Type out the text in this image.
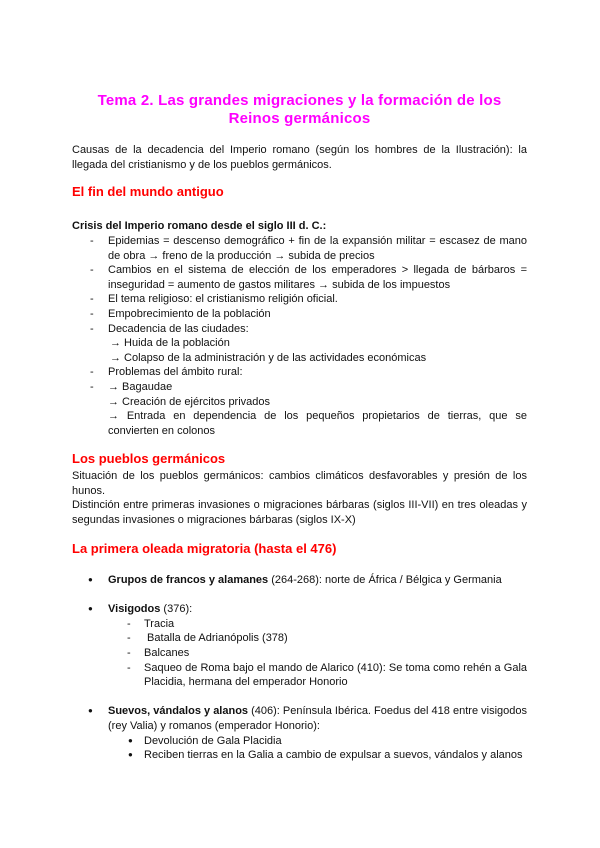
Tema 2. Las grandes migraciones y la formación de los Reinos germánicos
Causas de la decadencia del Imperio romano (según los hombres de la Ilustración): la llegada del cristianismo y de los pueblos germánicos.
El fin del mundo antiguo
Crisis del Imperio romano desde el siglo III d. C.:
- Epidemias = descenso demográfico + fin de la expansión militar = escasez de mano de obra → freno de la producción → subida de precios
- Cambios en el sistema de elección de los emperadores > llegada de bárbaros = inseguridad = aumento de gastos militares → subida de los impuestos
- El tema religioso: el cristianismo religión oficial.
- Empobrecimiento de la población
- Decadencia de las ciudades:
→ Huida de la población
→ Colapso de la administración y de las actividades económicas
- Problemas del ámbito rural:
- → Bagaudae
→ Creación de ejércitos privados
→ Entrada en dependencia de los pequeños propietarios de tierras, que se convierten en colonos
Los pueblos germánicos
Situación de los pueblos germánicos: cambios climáticos desfavorables y presión de los hunos.
Distinción entre primeras invasiones o migraciones bárbaras (siglos III-VII) en tres oleadas y segundas invasiones o migraciones bárbaras (siglos IX-X)
La primera oleada migratoria (hasta el 476)
● Grupos de francos y alamanes (264-268): norte de África / Bélgica y Germania
● Visigodos (376):
- Tracia
-  Batalla de Adrianópolis (378)
- Balcanes
- Saqueo de Roma bajo el mando de Alarico (410): Se toma como rehén a Gala Placidia, hermana del emperador Honorio
● Suevos, vándalos y alanos (406): Península Ibérica. Foedus del 418 entre visigodos (rey Valia) y romanos (emperador Honorio):
● Devolución de Gala Placidia
● Reciben tierras en la Galia a cambio de expulsar a suevos, vándalos y alanos
